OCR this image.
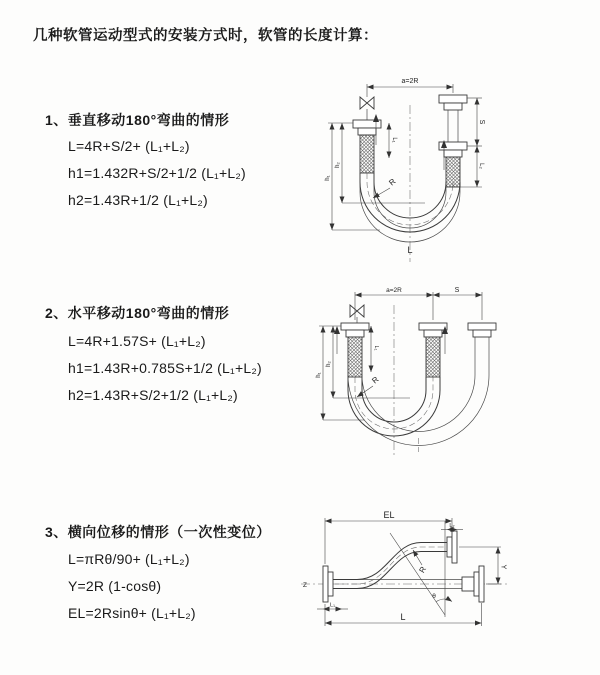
几种软管运动型式的安装方式时，软管的长度计算：
1、垂直移动180°弯曲的情形
L=4R+S/2+ (L₁+L₂)
h1=1.432R+S/2+1/2 (L₁+L₂)
h2=1.43R+1/2 (L₁+L₂)
2、水平移动180°弯曲的情形
L=4R+1.57S+ (L₁+L₂)
h1=1.43R+0.785S+1/2 (L₁+L₂)
h2=1.43R+S/2+1/2 (L₁+L₂)
3、横向位移的情形（一次性变位）
L=πRθ/90+ (L₁+L₂)
Y=2R (1-cosθ)
EL=2Rsinθ+ (L₁+L₂)
a=2R
S
L₂
L₁
h₁
h₂
R
L
a=2R	S
L₁
h₁
h₂
R
Z
θ
EL
L₂
Y
L₁
L
R
